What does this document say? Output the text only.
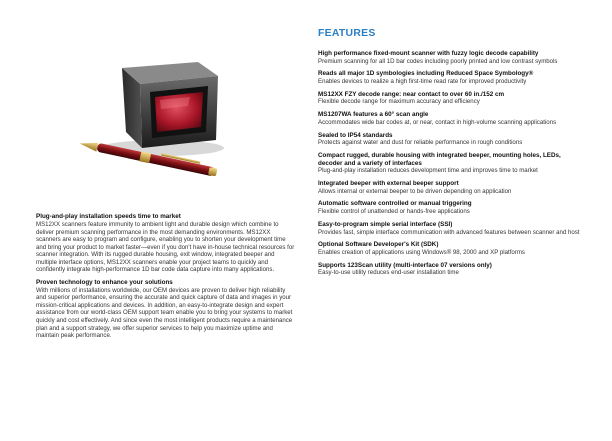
Plug-and-play installation speeds time to market

MS12XX scanners feature immunity to ambient light and durable design which combine to deliver premium scanning performance in the most demanding environments. MS12XX scanners are easy to program and configure, enabling you to shorten your development time and bring your product to market faster—even if you don't have in-house technical resources for scanner integration. With its rugged durable housing, exit window, integrated beeper and multiple interface options, MS12XX scanners enable your project teams to quickly and confidently integrate high-performance 1D bar code data capture into many applications.

Proven technology to enhance your solutions

With millions of installations worldwide, our OEM devices are proven to deliver high reliability and superior performance, ensuring the accurate and quick capture of data and images in your mission-critical applications and devices. In addition, an easy-to-integrate design and expert assistance from our world-class OEM support team enable you to bring your systems to market quickly and cost effectively. And since even the most intelligent products require a maintenance plan and a support strategy, we offer superior services to help you maximize uptime and maintain peak performance.

FEATURES
High performance fixed-mount scanner with fuzzy logic decode capability

Premium scanning for all 1D bar codes including poorly printed and low contrast symbols

Reads all major 1D symbologies including Reduced Space Symbology®

Enables devices to realize a high first-time read rate for improved productivity

MS12XX FZY decode range: near contact to over 60 in./152 cm

Flexible decode range for maximum accuracy and efficiency

MS1207WA features a 60° scan angle

Accommodates wide bar codes at, or near, contact in high-volume scanning applications

Sealed to IP54 standards

Protects against water and dust for reliable performance in rough conditions

Compact rugged, durable housing with integrated beeper, mounting holes, LEDs, decoder and a variety of interfaces

Plug-and-play installation reduces development time and improves time to market

Integrated beeper with external beeper support

Allows internal or external beeper to be driven depending on application

Automatic software controlled or manual triggering

Flexible control of unattended or hands-free applications

Easy-to-program simple serial interface (SSI)

Provides fast, simple interface communication with advanced features between scanner and host

Optional Software Developer's Kit (SDK)

Enables creation of applications using Windows® 98, 2000 and XP platforms

Supports 123Scan utility (multi-interface 07 versions only)

Easy-to-use utility reduces end-user installation time
